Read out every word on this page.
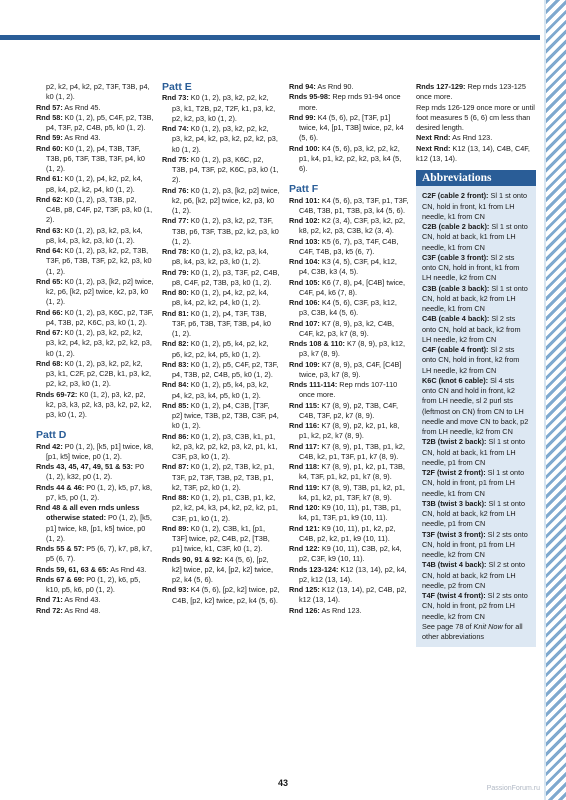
p2, k2, p4, k2, p2, T3F, T3B, p4, k0 (1, 2).

Rnd 57: As Rnd 45.

Rnd 58: K0 (1, 2), p5, C4F, p2, T3B, p4, T3F, p2, C4B, p5, k0 (1, 2).

Rnd 59: As Rnd 43.

Rnd 60: K0 (1, 2), p4, T3B, T3F, T3B, p6, T3F, T3B, T3F, p4, k0 (1, 2).

Rnd 61: K0 (1, 2), p4, k2, p2, k4, p8, k4, p2, k2, p4, k0 (1, 2).

Rnd 62: K0 (1, 2), p3, T3B, p2, C4B, p8, C4F, p2, T3F, p3, k0 (1, 2).

Rnd 63: K0 (1, 2), p3, k2, p3, k4, p8, k4, p3, k2, p3, k0 (1, 2).

Rnd 64: K0 (1, 2), p3, k2, p2, T3B, T3F, p6, T3B, T3F, p2, k2, p3, k0 (1, 2).

Rnd 65: K0 (1, 2), p3, [k2, p2] twice, k2, p6, [k2, p2] twice, k2, p3, k0 (1, 2).

Rnd 66: K0 (1, 2), p3, K6C, p2, T3F, p4, T3B, p2, K6C, p3, k0 (1, 2).

Rnd 67: K0 (1, 2), p3, k2, p2, k2, p3, k2, p4, k2, p3, k2, p2, k2, p3, k0 (1, 2).

Rnd 68: K0 (1, 2), p3, k2, p2, k2, p3, k1, C2F, p2, C2B, k1, p3, k2, p2, k2, p3, k0 (1, 2).

Rnds 69-72: K0 (1, 2), p3, k2, p2, k2, p3, k3, p2, k3, p3, k2, p2, k2, p3, k0 (1, 2).

Patt D

Rnd 42: P0 (1, 2), [k5, p1] twice, k8, [p1, k5] twice, p0 (1, 2).

Rnds 43, 45, 47, 49, 51 & 53: P0 (1, 2), k32, p0 (1, 2).

Rnds 44 & 46: P0 (1, 2), k5, p7, k8, p7, k5, p0 (1, 2).

Rnd 48 & all even rnds unless otherwise stated: P0 (1, 2), [k5, p1] twice, k8, [p1, k5] twice, p0 (1, 2).

Rnds 55 & 57: P5 (6, 7), k7, p8, k7, p5 (6, 7).

Rnds 59, 61, 63 & 65: As Rnd 43.

Rnds 67 & 69: P0 (1, 2), k6, p5, k10, p5, k6, p0 (1, 2).

Rnd 71: As Rnd 43.

Rnd 72: As Rnd 48.

Patt E

Rnd 73: K0 (1, 2), p3, k2, p2, k2, p3, k1, T2B, p2, T2F, k1, p3, k2, p2, k2, p3, k0 (1, 2).

Rnd 74: K0 (1, 2), p3, k2, p2, k2, p3, k2, p4, k2, p3, k2, p2, k2, p3, k0 (1, 2).

Rnd 75: K0 (1, 2), p3, K6C, p2, T3B, p4, T3F, p2, K6C, p3, k0 (1, 2).

Rnd 76: K0 (1, 2), p3, [k2, p2] twice, k2, p6, [k2, p2] twice, k2, p3, k0 (1, 2).

Rnd 77: K0 (1, 2), p3, k2, p2, T3F, T3B, p6, T3F, T3B, p2, k2, p3, k0 (1, 2).

Rnd 78: K0 (1, 2), p3, k2, p3, k4, p8, k4, p3, k2, p3, k0 (1, 2).

Rnd 79: K0 (1, 2), p3, T3F, p2, C4B, p8, C4F, p2, T3B, p3, k0 (1, 2).

Rnd 80: K0 (1, 2), p4, k2, p2, k4, p8, k4, p2, k2, p4, k0 (1, 2).

Rnd 81: K0 (1, 2), p4, T3F, T3B, T3F, p6, T3B, T3F, T3B, p4, k0 (1, 2).

Rnd 82: K0 (1, 2), p5, k4, p2, k2, p6, k2, p2, k4, p5, k0 (1, 2).

Rnd 83: K0 (1, 2), p5, C4F, p2, T3F, p4, T3B, p2, C4B, p5, k0 (1, 2).

Rnd 84: K0 (1, 2), p5, k4, p3, k2, p4, k2, p3, k4, p5, k0 (1, 2).

Rnd 85: K0 (1, 2), p4, C3B, [T3F, p2] twice, T3B, p2, T3B, C3F, p4, k0 (1, 2).

Rnd 86: K0 (1, 2), p3, C3B, k1, p1, k2, p3, k2, p2, k2, p3, k2, p1, k1, C3F, p3, k0 (1, 2).

Rnd 87: K0 (1, 2), p2, T3B, k2, p1, T3F, p2, T3F, T3B, p2, T3B, p1, k2, T3F, p2, k0 (1, 2).

Rnd 88: K0 (1, 2), p1, C3B, p1, k2, p2, k2, p4, k3, p4, k2, p2, k2, p1, C3F, p1, k0 (1, 2).

Rnd 89: K0 (1, 2), C3B, k1, [p1, T3F] twice, p2, C4B, p2, [T3B, p1] twice, k1, C3F, k0 (1, 2).

Rnds 90, 91 & 92: K4 (5, 6), [p2, k2] twice, p2, k4, [p2, k2] twice, p2, k4 (5, 6).

Rnd 93: K4 (5, 6), [p2, k2] twice, p2, C4B, [p2, k2] twice, p2, k4 (5, 6).

Rnd 94: As Rnd 90.

Rnds 95-98: Rep rnds 91-94 once more.

Rnd 99: K4 (5, 6), p2, [T3F, p1] twice, k4, [p1, T3B] twice, p2, k4 (5, 6).

Rnd 100: K4 (5, 6), p3, k2, p2, k2, p1, k4, p1, k2, p2, k2, p3, k4 (5, 6).

Patt F

Rnd 101: K4 (5, 6), p3, T3F, p1, T3F, C4B, T3B, p1, T3B, p3, k4 (5, 6).

Rnd 102: K2 (3, 4), C3F, p3, k2, p2, k8, p2, k2, p3, C3B, k2 (3, 4).

Rnd 103: K5 (6, 7), p3, T4F, C4B, C4F, T4B, p3, k5 (6, 7).

Rnd 104: K3 (4, 5), C3F, p4, k12, p4, C3B, k3 (4, 5).

Rnd 105: K6 (7, 8), p4, [C4B] twice, C4F, p4, k6 (7, 8).

Rnd 106: K4 (5, 6), C3F, p3, k12, p3, C3B, k4 (5, 6).

Rnd 107: K7 (8, 9), p3, k2, C4B, C4F, k2, p3, k7 (8, 9).

Rnds 108 & 110: K7 (8, 9), p3, k12, p3, k7 (8, 9).

Rnd 109: K7 (8, 9), p3, C4F, [C4B] twice, p3, k7 (8, 9).

Rnds 111-114: Rep rnds 107-110 once more.

Rnd 115: K7 (8, 9), p2, T3B, C4F, C4B, T3F, p2, k7 (8, 9).

Rnd 116: K7 (8, 9), p2, k2, p1, k8, p1, k2, p2, k7 (8, 9).

Rnd 117: K7 (8, 9), p1, T3B, p1, k2, C4B, k2, p1, T3F, p1, k7 (8, 9).

Rnd 118: K7 (8, 9), p1, k2, p1, T3B, k4, T3F, p1, k2, p1, k7 (8, 9).

Rnd 119: K7 (8, 9), T3B, p1, k2, p1, k4, p1, k2, p1, T3F, k7 (8, 9).

Rnd 120: K9 (10, 11), p1, T3B, p1, k4, p1, T3F, p1, k9 (10, 11).

Rnd 121: K9 (10, 11), p1, k2, p2, C4B, p2, k2, p1, k9 (10, 11).

Rnd 122: K9 (10, 11), C3B, p2, k4, p2, C3F, k9 (10, 11).

Rnds 123-124: K12 (13, 14), p2, k4, p2, k12 (13, 14).

Rnd 125: K12 (13, 14), p2, C4B, p2, k12 (13, 14).

Rnd 126: As Rnd 123.

Rnds 127-129: Rep rnds 123-125 once more.

Rep rnds 126-129 once more or until foot measures 5 (6, 6) cm less than desired length.

Next Rnd: As Rnd 123.

Next Rnd: K12 (13, 14), C4B, C4F, k12 (13, 14).

Abbreviations

C2F (cable 2 front): Sl 1 st onto CN, hold in front, k1 from LH needle, k1 from CN

C2B (cable 2 back): Sl 1 st onto CN, hold at back, k1 from LH needle, k1 from CN

C3F (cable 3 front): Sl 2 sts onto CN, hold in front, k1 from LH needle, k2 from CN

C3B (cable 3 back): Sl 1 st onto CN, hold at back, k2 from LH needle, k1 from CN

C4B (cable 4 back): Sl 2 sts onto CN, hold at back, k2 from LH needle, k2 from CN

C4F (cable 4 front): Sl 2 sts onto CN, hold in front, k2 from LH needle, k2 from CN

K6C (knot 6 cable): Sl 4 sts onto CN and hold in front, k2 from LH needle, sl 2 purl sts (leftmost on CN) from CN to LH needle and move CN to back, p2 from LH needle, k2 from CN

T2B (twist 2 back): Sl 1 st onto CN, hold at back, k1 from LH needle, p1 from CN

T2F (twist 2 front): Sl 1 st onto CN, hold in front, p1 from LH needle, k1 from CN

T3B (twist 3 back): Sl 1 st onto CN, hold at back, k2 from LH needle, p1 from CN

T3F (twist 3 front): Sl 2 sts onto CN, hold in front, p1 from LH needle, k2 from CN

T4B (twist 4 back): Sl 2 st onto CN, hold at back, k2 from LH needle, p2 from CN

T4F (twist 4 front): Sl 2 sts onto CN, hold in front, p2 from LH needle, k2 from CN

See page 78 of Knit Now for all other abbreviations

43
PassionForum.ru
